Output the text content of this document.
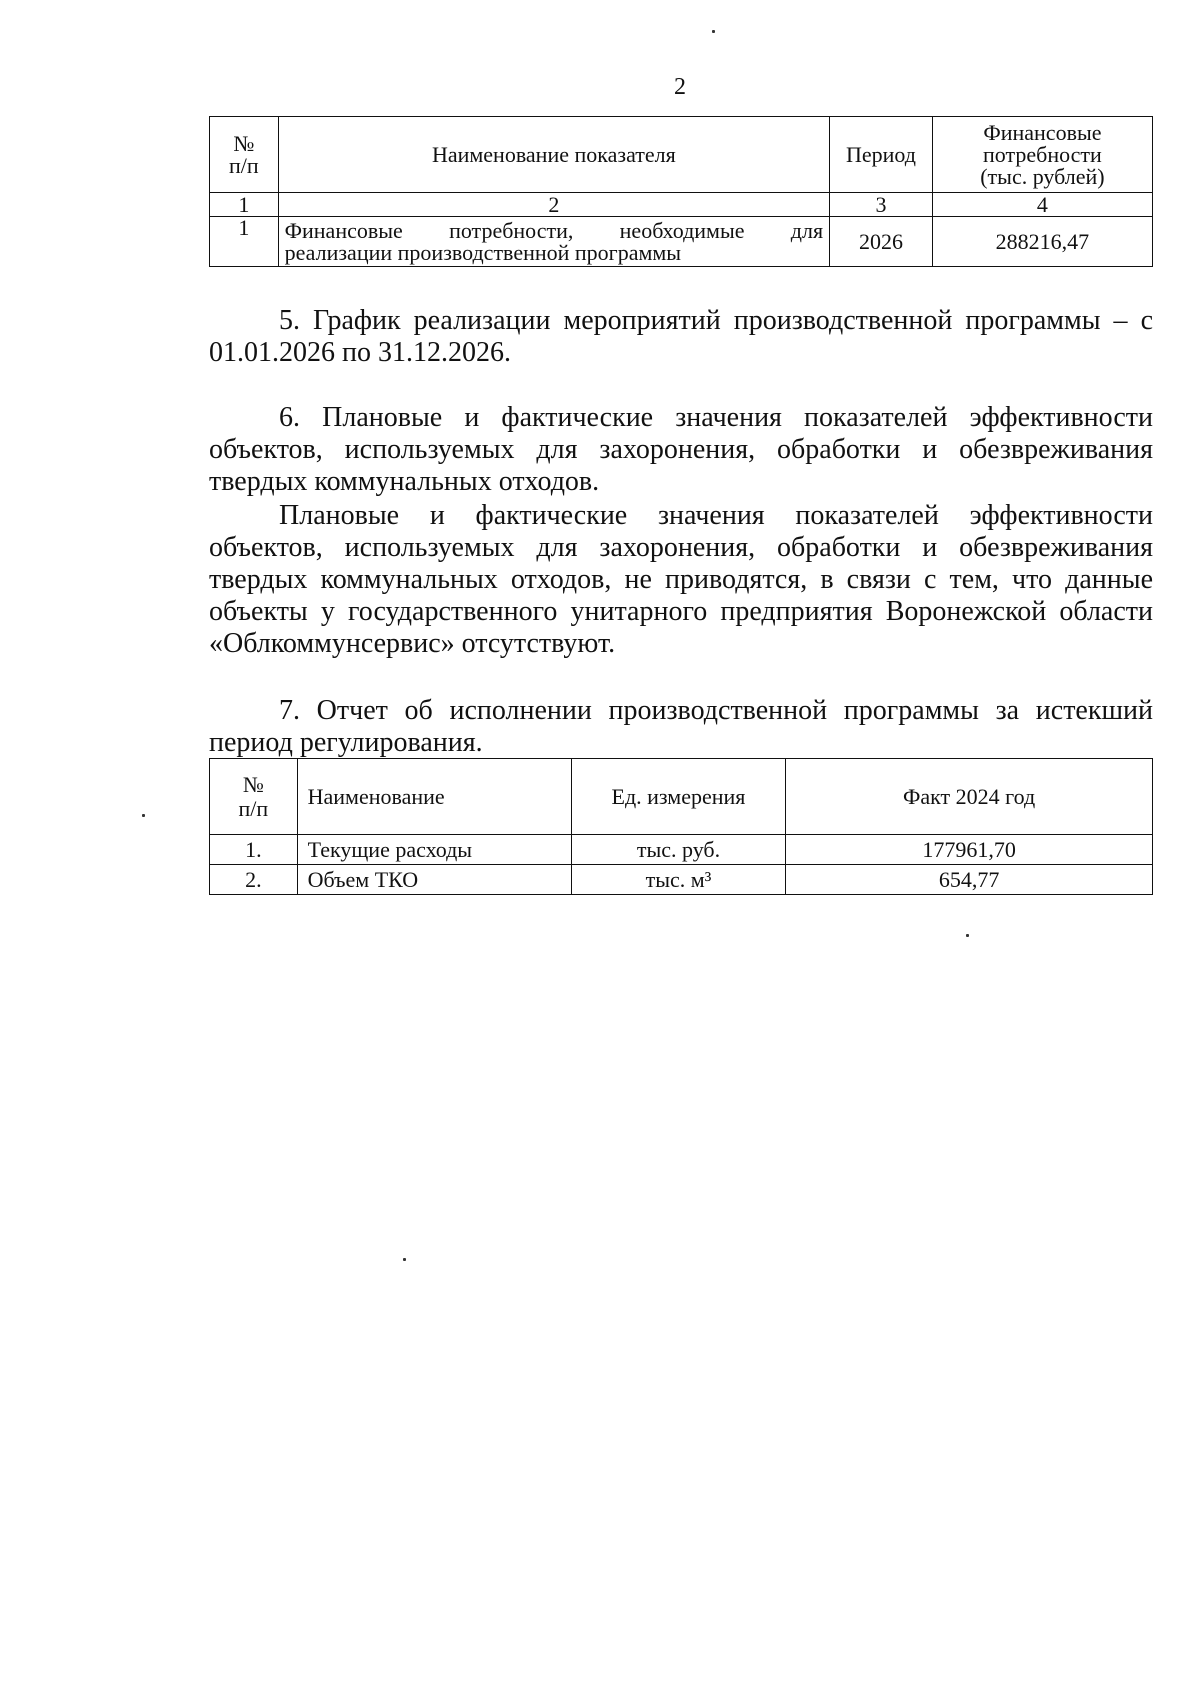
2
№
п/п	Наименование показателя	Период	Финансовые
потребности
(тыс. рублей)
1	2	3	4
1	Финансовые потребности, необходимые для
реализации производственной программы	2026	288216,47
5. График реализации мероприятий производственной программы – с 01.01.2026 по 31.12.2026.
6. Плановые и фактические значения показателей эффективности объектов, используемых для захоронения, обработки и обезвреживания твердых коммунальных отходов.
Плановые и фактические значения показателей эффективности объектов, используемых для захоронения, обработки и обезвреживания твердых коммунальных отходов, не приводятся, в связи с тем, что данные объекты у государственного унитарного предприятия Воронежской области «Облкоммунсервис» отсутствуют.
7. Отчет об исполнении производственной программы за истекший период регулирования.
№
п/п	Наименование	Ед. измерения	Факт 2024 год
1.	Текущие расходы	тыс. руб.	177961,70
2.	Объем ТКО	тыс. м³	654,77
